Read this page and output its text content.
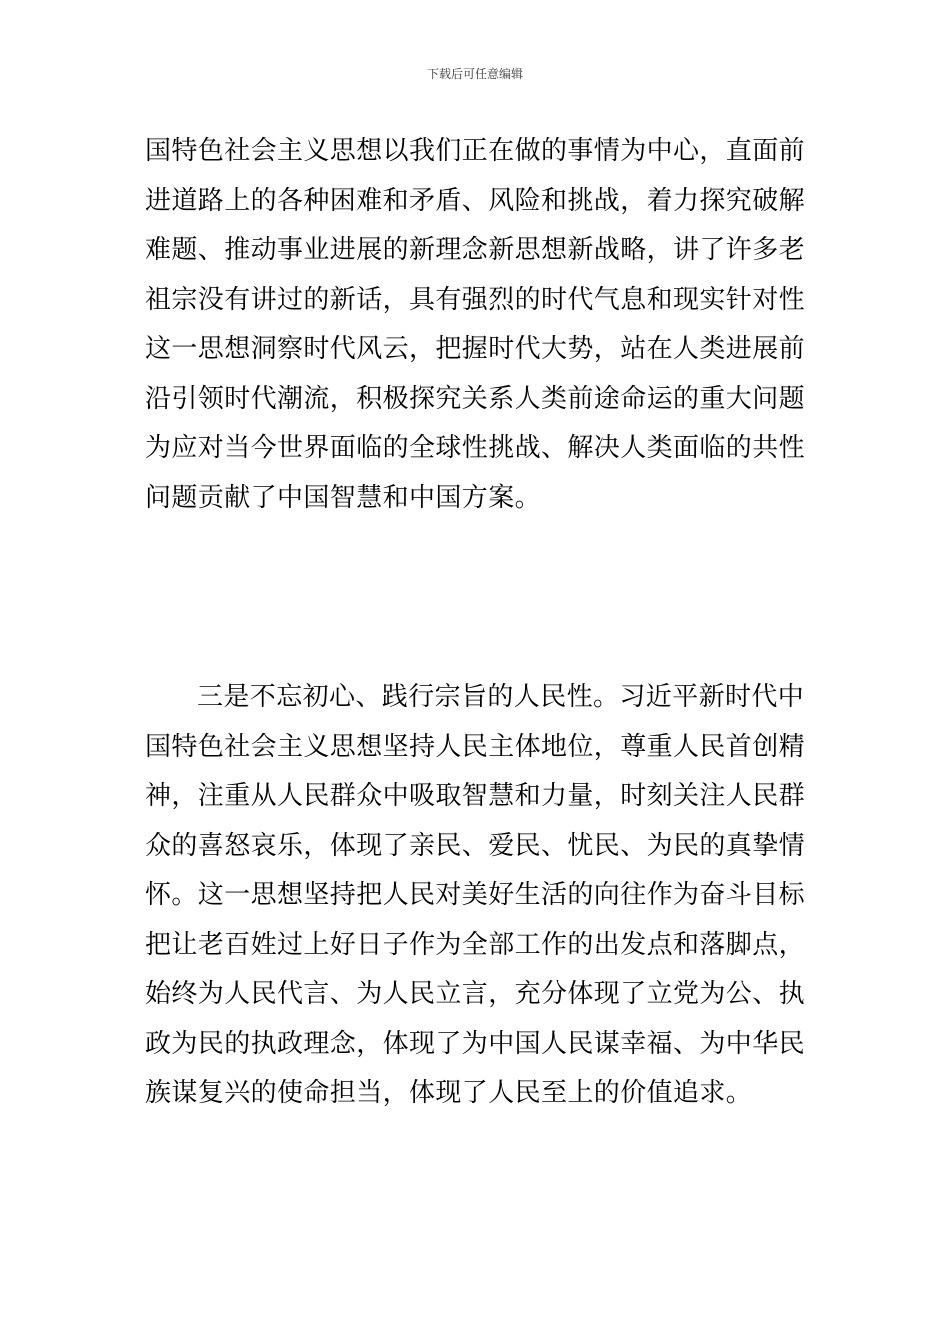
下载后可任意编辑
国特色社会主义思想以我们正在做的事情为中心，直面前
进道路上的各种困难和矛盾、风险和挑战，着力探究破解
难题、推动事业进展的新理念新思想新战略，讲了许多老
祖宗没有讲过的新话，具有强烈的时代气息和现实针对性
这一思想洞察时代风云，把握时代大势，站在人类进展前
沿引领时代潮流，积极探究关系人类前途命运的重大问题
为应对当今世界面临的全球性挑战、解决人类面临的共性
问题贡献了中国智慧和中国方案。
三是不忘初心、践行宗旨的人民性。习近平新时代中
国特色社会主义思想坚持人民主体地位，尊重人民首创精
神，注重从人民群众中吸取智慧和力量，时刻关注人民群
众的喜怒哀乐，体现了亲民、爱民、忧民、为民的真挚情
怀。这一思想坚持把人民对美好生活的向往作为奋斗目标
把让老百姓过上好日子作为全部工作的出发点和落脚点，
始终为人民代言、为人民立言，充分体现了立党为公、执
政为民的执政理念，体现了为中国人民谋幸福、为中华民
族谋复兴的使命担当，体现了人民至上的价值追求。
